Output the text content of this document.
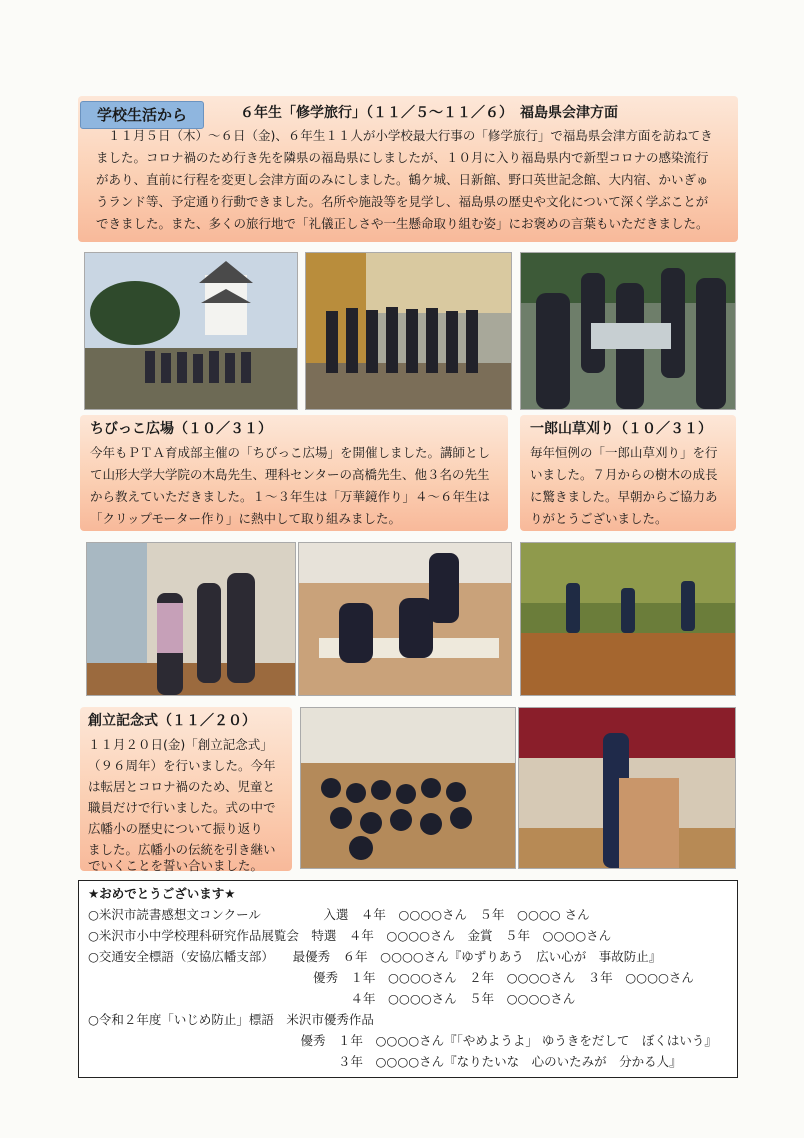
学校生活から	６年生「修学旅行」（１１／５～１１／６）　福島県会津方面
１１月５日（木）～６日（金)、６年生１１人が小学校最大行事の「修学旅行」で福島県会津方面を訪ねてき
ました。コロナ禍のため行き先を隣県の福島県にしましたが、１０月に入り福島県内で新型コロナの感染流行
があり、直前に行程を変更し会津方面のみにしました。鶴ケ城、日新館、野口英世記念館、大内宿、かいぎゅ
うランド等、予定通り行動できました。名所や施設等を見学し、福島県の歴史や文化について深く学ぶことが
できました。また、多くの旅行地で「礼儀正しさや一生懸命取り組む姿」にお褒めの言葉もいただきました。
ちびっこ広場（１０／３１）
今年もＰＴＡ育成部主催の「ちびっこ広場」を開催しました。講師とし
て山形大学大学院の木島先生、理科センターの高橋先生、他３名の先生
から教えていただきました。１～３年生は「万華鏡作り」４～６年生は
「クリップモーター作り」に熱中して取り組みました。
一郎山草刈り（１０／３１）
毎年恒例の「一郎山草刈り」を行
いました。７月からの樹木の成長
に驚きました。早朝からご協力あ
りがとうございました。
創立記念式（１１／２０）
１１月２０日(金)「創立記念式」
（９６周年）を行いました。今年
は転居とコロナ禍のため、児童と
職員だけで行いました。式の中で
広幡小の歴史について振り返り
ました。広幡小の伝統を引き継い
でいくことを誓い合いました。
★おめでとうございます★
○米沢市読書感想文コンクール　　　　　入選　４年　○○○○さん　５年　○○○○ さん
○米沢市小中学校理科研究作品展覧会　特選　４年　○○○○さん　金賞　５年　○○○○さん
○交通安全標語（安協広幡支部）　　最優秀　６年　○○○○さん『ゆずりあう　広い心が　事故防止』
　　　　　　　　　　　　　　　　　　優秀　１年　○○○○さん　２年　○○○○さん　３年　○○○○さん
　　　　　　　　　　　　　　　　　　　　　４年　○○○○さん　５年　○○○○さん
○令和２年度「いじめ防止」標語　米沢市優秀作品
　　　　　　　　　　　　　　　　　優秀　１年　○○○○さん『「やめようよ」 ゆうきをだして　ぼくはいう』
　　　　　　　　　　　　　　　　　　　　３年　○○○○さん『なりたいな　心のいたみが　分かる人』
